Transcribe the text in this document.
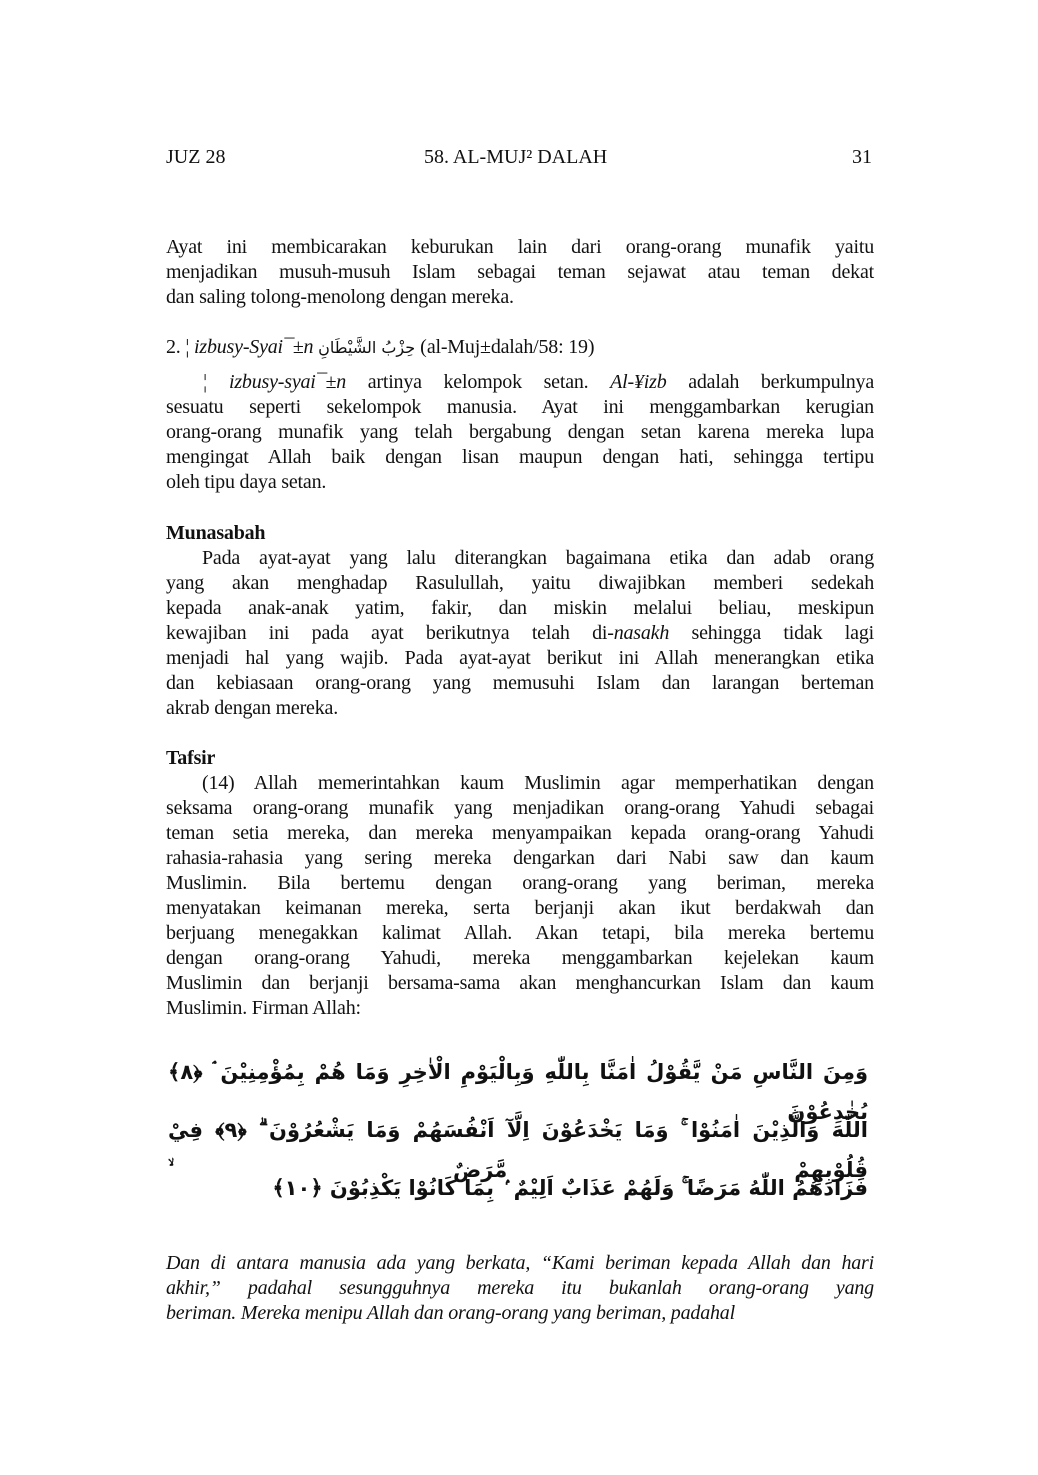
JUZ 28	58. AL-MUJ² DALAH	31
Ayat ini membicarakan keburukan lain dari orang-orang munafik yaitu
menjadikan musuh-musuh Islam sebagai teman sejawat atau teman dekat
dan saling tolong-menolong dengan mereka.
2. ¦ izbusy-Syai¯±n حِزْبُ الشَّيْطَانِ (al-Muj±dalah/58: 19)
¦ izbusy-syai¯±n artinya kelompok setan. Al-¥izb adalah berkumpulnya
sesuatu seperti sekelompok manusia. Ayat ini menggambarkan kerugian
orang-orang munafik yang telah bergabung dengan setan karena mereka lupa
mengingat Allah baik dengan lisan maupun dengan hati, sehingga tertipu
oleh tipu daya setan.
Munasabah
Pada ayat-ayat yang lalu diterangkan bagaimana etika dan adab orang
yang akan menghadap Rasulullah, yaitu diwajibkan memberi sedekah
kepada anak-anak yatim, fakir, dan miskin melalui beliau, meskipun
kewajiban ini pada ayat berikutnya telah di-nasakh sehingga tidak lagi
menjadi hal yang wajib. Pada ayat-ayat berikut ini Allah menerangkan etika
dan kebiasaan orang-orang yang memusuhi Islam dan larangan berteman
akrab dengan mereka.
Tafsir
(14) Allah memerintahkan kaum Muslimin agar memperhatikan dengan
seksama orang-orang munafik yang menjadikan orang-orang Yahudi sebagai
teman setia mereka, dan mereka menyampaikan kepada orang-orang Yahudi
rahasia-rahasia yang sering mereka dengarkan dari Nabi saw dan kaum
Muslimin. Bila bertemu dengan orang-orang yang beriman, mereka
menyatakan keimanan mereka, serta berjanji akan ikut berdakwah dan
berjuang menegakkan kalimat Allah. Akan tetapi, bila mereka bertemu
dengan orang-orang Yahudi, mereka menggambarkan kejelekan kaum
Muslimin dan berjanji bersama-sama akan menghancurkan Islam dan kaum
Muslimin. Firman Allah:
Dan di antara manusia ada yang berkata, “Kami beriman kepada Allah dan hari
akhir,” padahal sesungguhnya mereka itu bukanlah orang-orang yang
beriman. Mereka menipu Allah dan orang-orang yang beriman, padahal
وَمِنَ النَّاسِ مَنْ يَّقُوْلُ اٰمَنَّا بِاللّٰهِ وَبِالْيَوْمِ الْاٰخِرِ وَمَا هُمْ بِمُؤْمِنِيْنَ ۘ ﴿٨﴾ يُخٰدِعُوْنَ
اللّٰهَ وَالَّذِيْنَ اٰمَنُوْا ۚ وَمَا يَخْدَعُوْنَ اِلَّآ اَنْفُسَهُمْ وَمَا يَشْعُرُوْنَ ۗ ﴿٩﴾ فِيْ قُلُوْبِهِمْ مَّرَضٌ ۙ
فَزَادَهُمُ اللّٰهُ مَرَضًا ۚ وَلَهُمْ عَذَابٌ اَلِيْمٌ ۢ بِمَا كَانُوْا يَكْذِبُوْنَ ﴿١٠﴾
